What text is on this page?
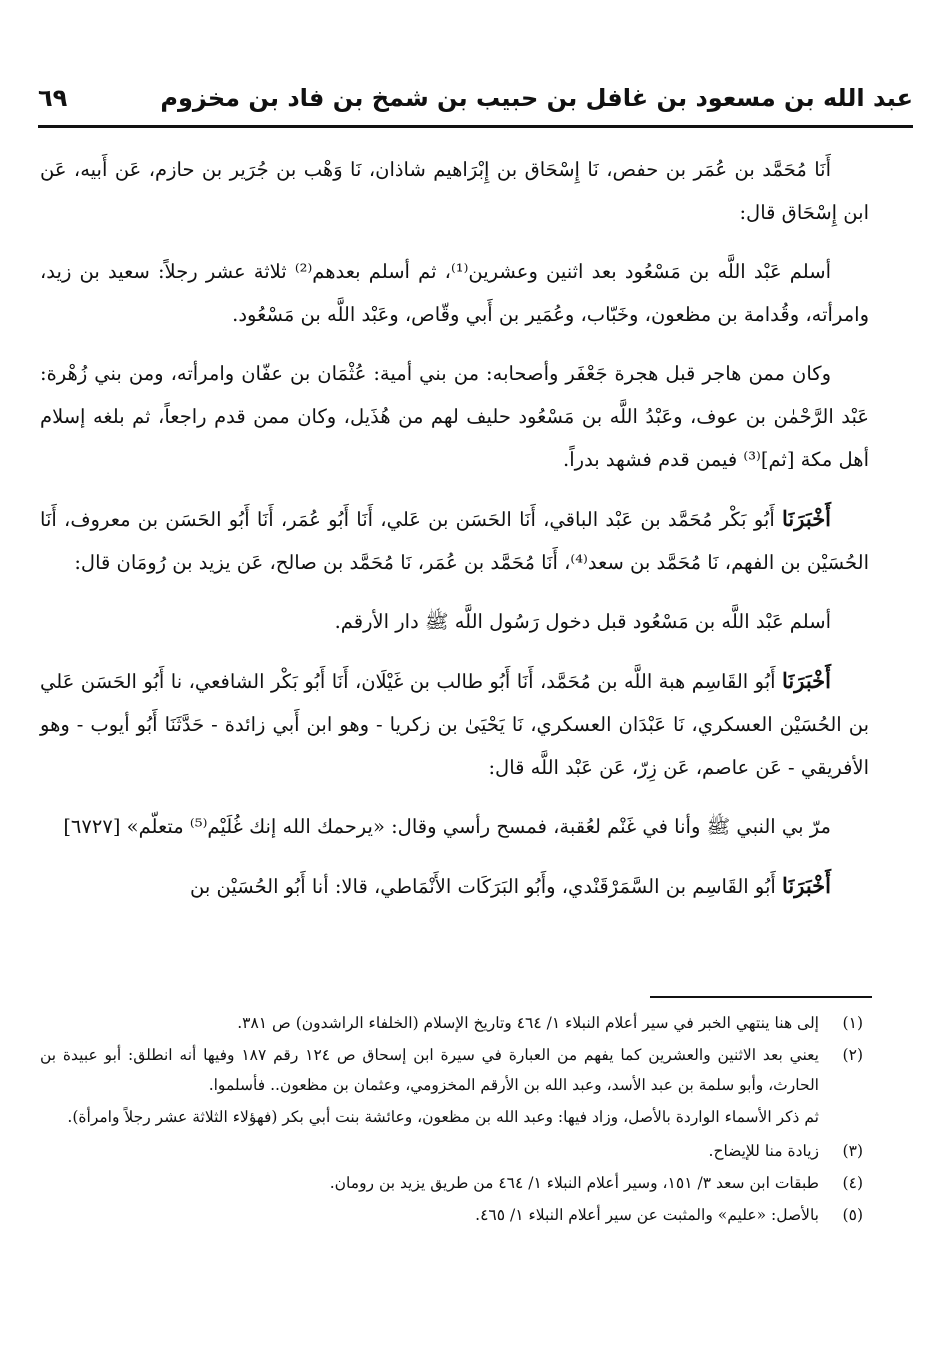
عبد الله بن مسعود بن غافل بن حبيب بن شمخ بن فاد بن مخزوم
٦٩

أَنَا مُحَمَّد بن عُمَر بن حفص، نَا إِسْحَاق بن إِبْرَاهيم شاذان، نَا وَهْب بن جُرَير بن حازم، عَن أَبيه، عَن ابن إِسْحَاق قال:

أسلم عَبْد اللَّه بن مَسْعُود بعد اثنين وعشرين⁽¹⁾، ثم أسلم بعدهم⁽²⁾ ثلاثة عشر رجلاً: سعيد بن زيد، وامرأته، وقُدامة بن مظعون، وخَبّاب، وعُمَير بن أَبي وقّاص، وعَبْد اللَّه بن مَسْعُود.

وكان ممن هاجر قبل هجرة جَعْفَر وأصحابه: من بني أمية: عُثْمَان بن عفّان وامرأته، ومن بني زُهْرة: عَبْد الرَّحْمٰن بن عوف، وعَبْدُ اللَّه بن مَسْعُود حليف لهم من هُذَيل، وكان ممن قدم راجعاً، ثم بلغه إسلام أهل مكة [ثم]⁽³⁾ فيمن قدم فشهد بدراً.

أَخْبَرَنَا أَبُو بَكْر مُحَمَّد بن عَبْد الباقي، أَنَا الحَسَن بن عَلي، أَنَا أَبُو عُمَر، أَنَا أَبُو الحَسَن بن معروف، أَنَا الحُسَيْن بن الفهم، نَا مُحَمَّد بن سعد⁽⁴⁾، أَنَا مُحَمَّد بن عُمَر، نَا مُحَمَّد بن صالح، عَن يزيد بن رُومَان قال:

أسلم عَبْد اللَّه بن مَسْعُود قبل دخول رَسُول اللَّه ﷺ دار الأرقم.

أَخْبَرَنَا أَبُو القَاسِم هبة اللَّه بن مُحَمَّد، أَنَا أَبُو طالب بن غَيْلَان، أَنَا أَبُو بَكْر الشافعي، نا أَبُو الحَسَن عَلي بن الحُسَيْن العسكري، نَا عَبْدَان العسكري، نَا يَحْيَىٰ بن زكريا - وهو ابن أَبي زائدة - حَدَّثَنَا أَبُو أيوب - وهو الأفريقي - عَن عاصم، عَن زِرّ، عَن عَبْد اللَّه قال:

مرّ بي النبي ﷺ وأنا في غَنْم لعُقبة، فمسح رأسي وقال: «يرحمك الله إنك غُلَيْم⁽⁵⁾ متعلّم» [٦٧٢٧]

أَخْبَرَنَا أَبُو القَاسِم بن السَّمَرْقَنْدي، وأَبُو البَرَكَات الأَنْمَاطي، قالا: أنا أَبُو الحُسَيْن بن

(١)
إلى هنا ينتهي الخبر في سير أعلام النبلاء ١/ ٤٦٤ وتاريخ الإسلام (الخلفاء الراشدون) ص ٣٨١.
(٢)
يعني بعد الاثنين والعشرين كما يفهم من العبارة في سيرة ابن إسحاق ص ١٢٤ رقم ١٨٧ وفيها أنه انطلق: أبو عبيدة بن الحارث، وأبو سلمة بن عبد الأسد، وعبد الله بن الأرقم المخزومي، وعثمان بن مظعون.. فأسلموا.
ثم ذكر الأسماء الواردة بالأصل، وزاد فيها: وعبد الله بن مظعون، وعائشة بنت أبي بكر (فهؤلاء الثلاثة عشر رجلاً وامرأة).
(٣)
زيادة منا للإيضاح.
(٤)
طبقات ابن سعد ٣/ ١٥١، وسير أعلام النبلاء ١/ ٤٦٤ من طريق يزيد بن رومان.
(٥)
بالأصل: «عليم» والمثبت عن سير أعلام النبلاء ١/ ٤٦٥.
